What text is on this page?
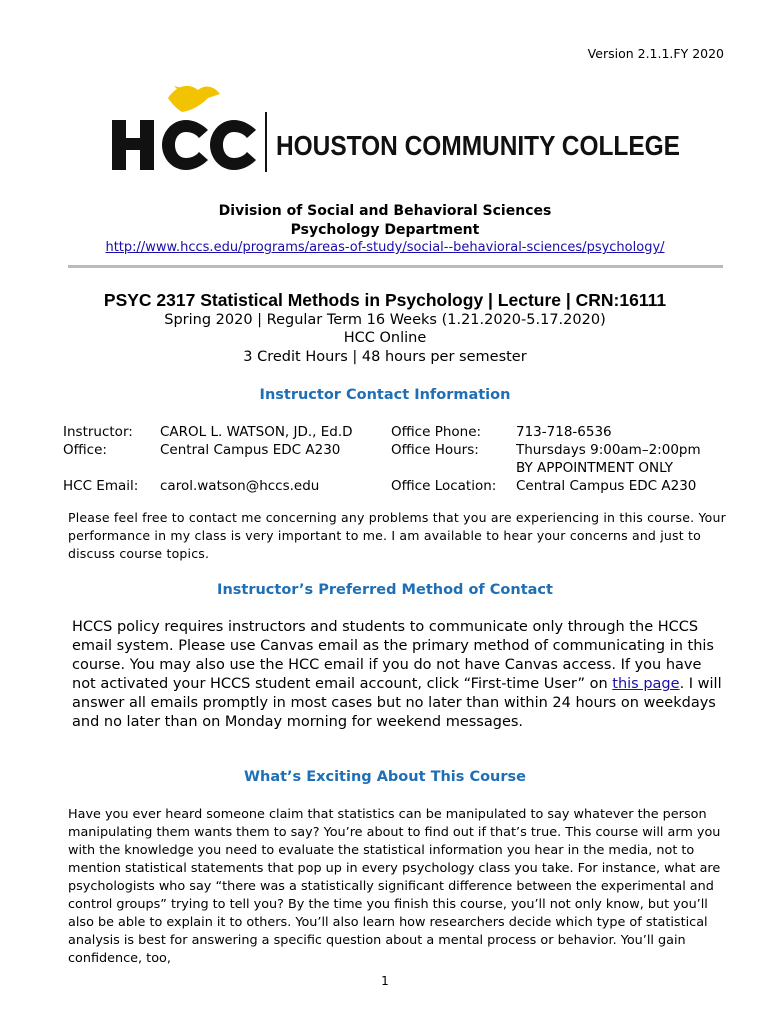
Version 2.1.1.FY 2020
HOUSTON COMMUNITY COLLEGE
Division of Social and Behavioral Sciences
Psychology Department
http://www.hccs.edu/programs/areas-of-study/social--behavioral-sciences/psychology/
PSYC 2317 Statistical Methods in Psychology | Lecture | CRN:16111
Spring 2020 | Regular Term 16 Weeks (1.21.2020-5.17.2020)
HCC Online
3 Credit Hours | 48 hours per semester
Instructor Contact Information
Instructor: CAROL L. WATSON, JD., Ed.D	Office Phone:	713-718-6536
Office:	Central Campus EDC A230	Office Hours:	Thursdays 9:00am–2:00pm
BY APPOINTMENT ONLY
HCC Email: carol.watson@hccs.edu	Office Location: Central Campus EDC A230
Please feel free to contact me concerning any problems that you are experiencing in this course. Your performance in my class is very important to me. I am available to hear your concerns and just to discuss course topics.
Instructor’s Preferred Method of Contact
HCCS policy requires instructors and students to communicate only through the HCCS email system. Please use Canvas email as the primary method of communicating in this course. You may also use the HCC email if you do not have Canvas access. If you have not activated your HCCS student email account, click “First-time User” on this page. I will answer all emails promptly in most cases but no later than within 24 hours on weekdays and no later than on Monday morning for weekend messages.
What’s Exciting About This Course
Have you ever heard someone claim that statistics can be manipulated to say whatever the person manipulating them wants them to say? You’re about to find out if that’s true. This course will arm you with the knowledge you need to evaluate the statistical information you hear in the media, not to mention statistical statements that pop up in every psychology class you take. For instance, what are psychologists who say “there was a statistically significant difference between the experimental and control groups” trying to tell you? By the time you finish this course, you’ll not only know, but you’ll also be able to explain it to others. You’ll also learn how researchers decide which type of statistical analysis is best for answering a specific question about a mental process or behavior. You’ll gain confidence, too,
1
